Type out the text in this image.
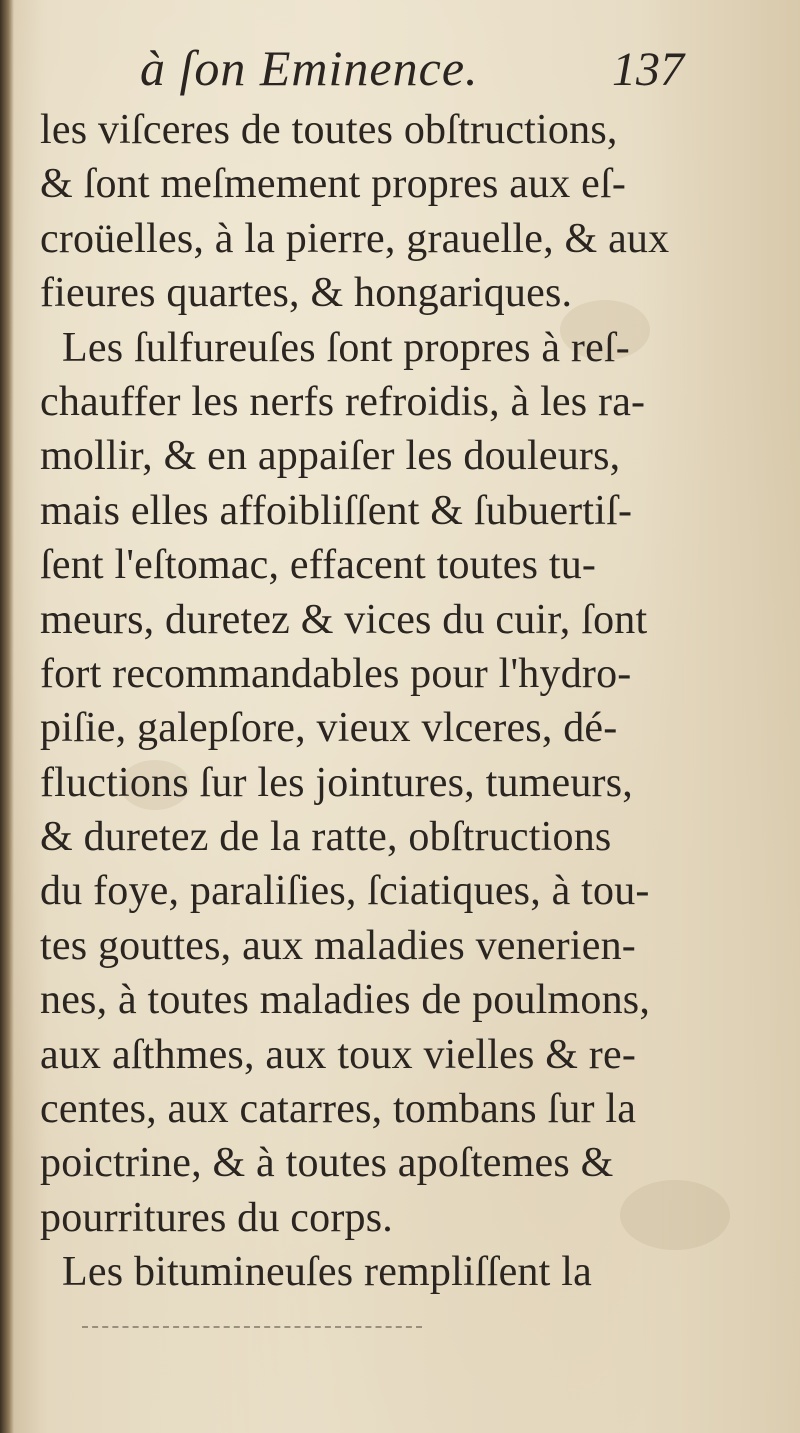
à ſon Eminence.	137
les viſceres de toutes obſtructions,
& ſont meſmement propres aux eſ-
croüelles, à la pierre, grauelle, & aux
fieures quartes, & hongariques.
Les ſulfureuſes ſont propres à reſ-
chauffer les nerfs refroidis, à les ra-
mollir, & en appaiſer les douleurs,
mais elles affoibliſſent & ſubuertiſ-
ſent l'eſtomac, effacent toutes tu-
meurs, duretez & vices du cuir, ſont
fort recommandables pour l'hydro-
piſie, galepſore, vieux vlceres, dé-
fluctions ſur les jointures, tumeurs,
& duretez de la ratte, obſtructions
du foye, paraliſies, ſciatiques, à tou-
tes gouttes, aux maladies venerien-
nes, à toutes maladies de poulmons,
aux aſthmes, aux toux vielles & re-
centes, aux catarres, tombans ſur la
poictrine, & à toutes apoſtemes &
pourritures du corps.
Les bitumineuſes rempliſſent la
